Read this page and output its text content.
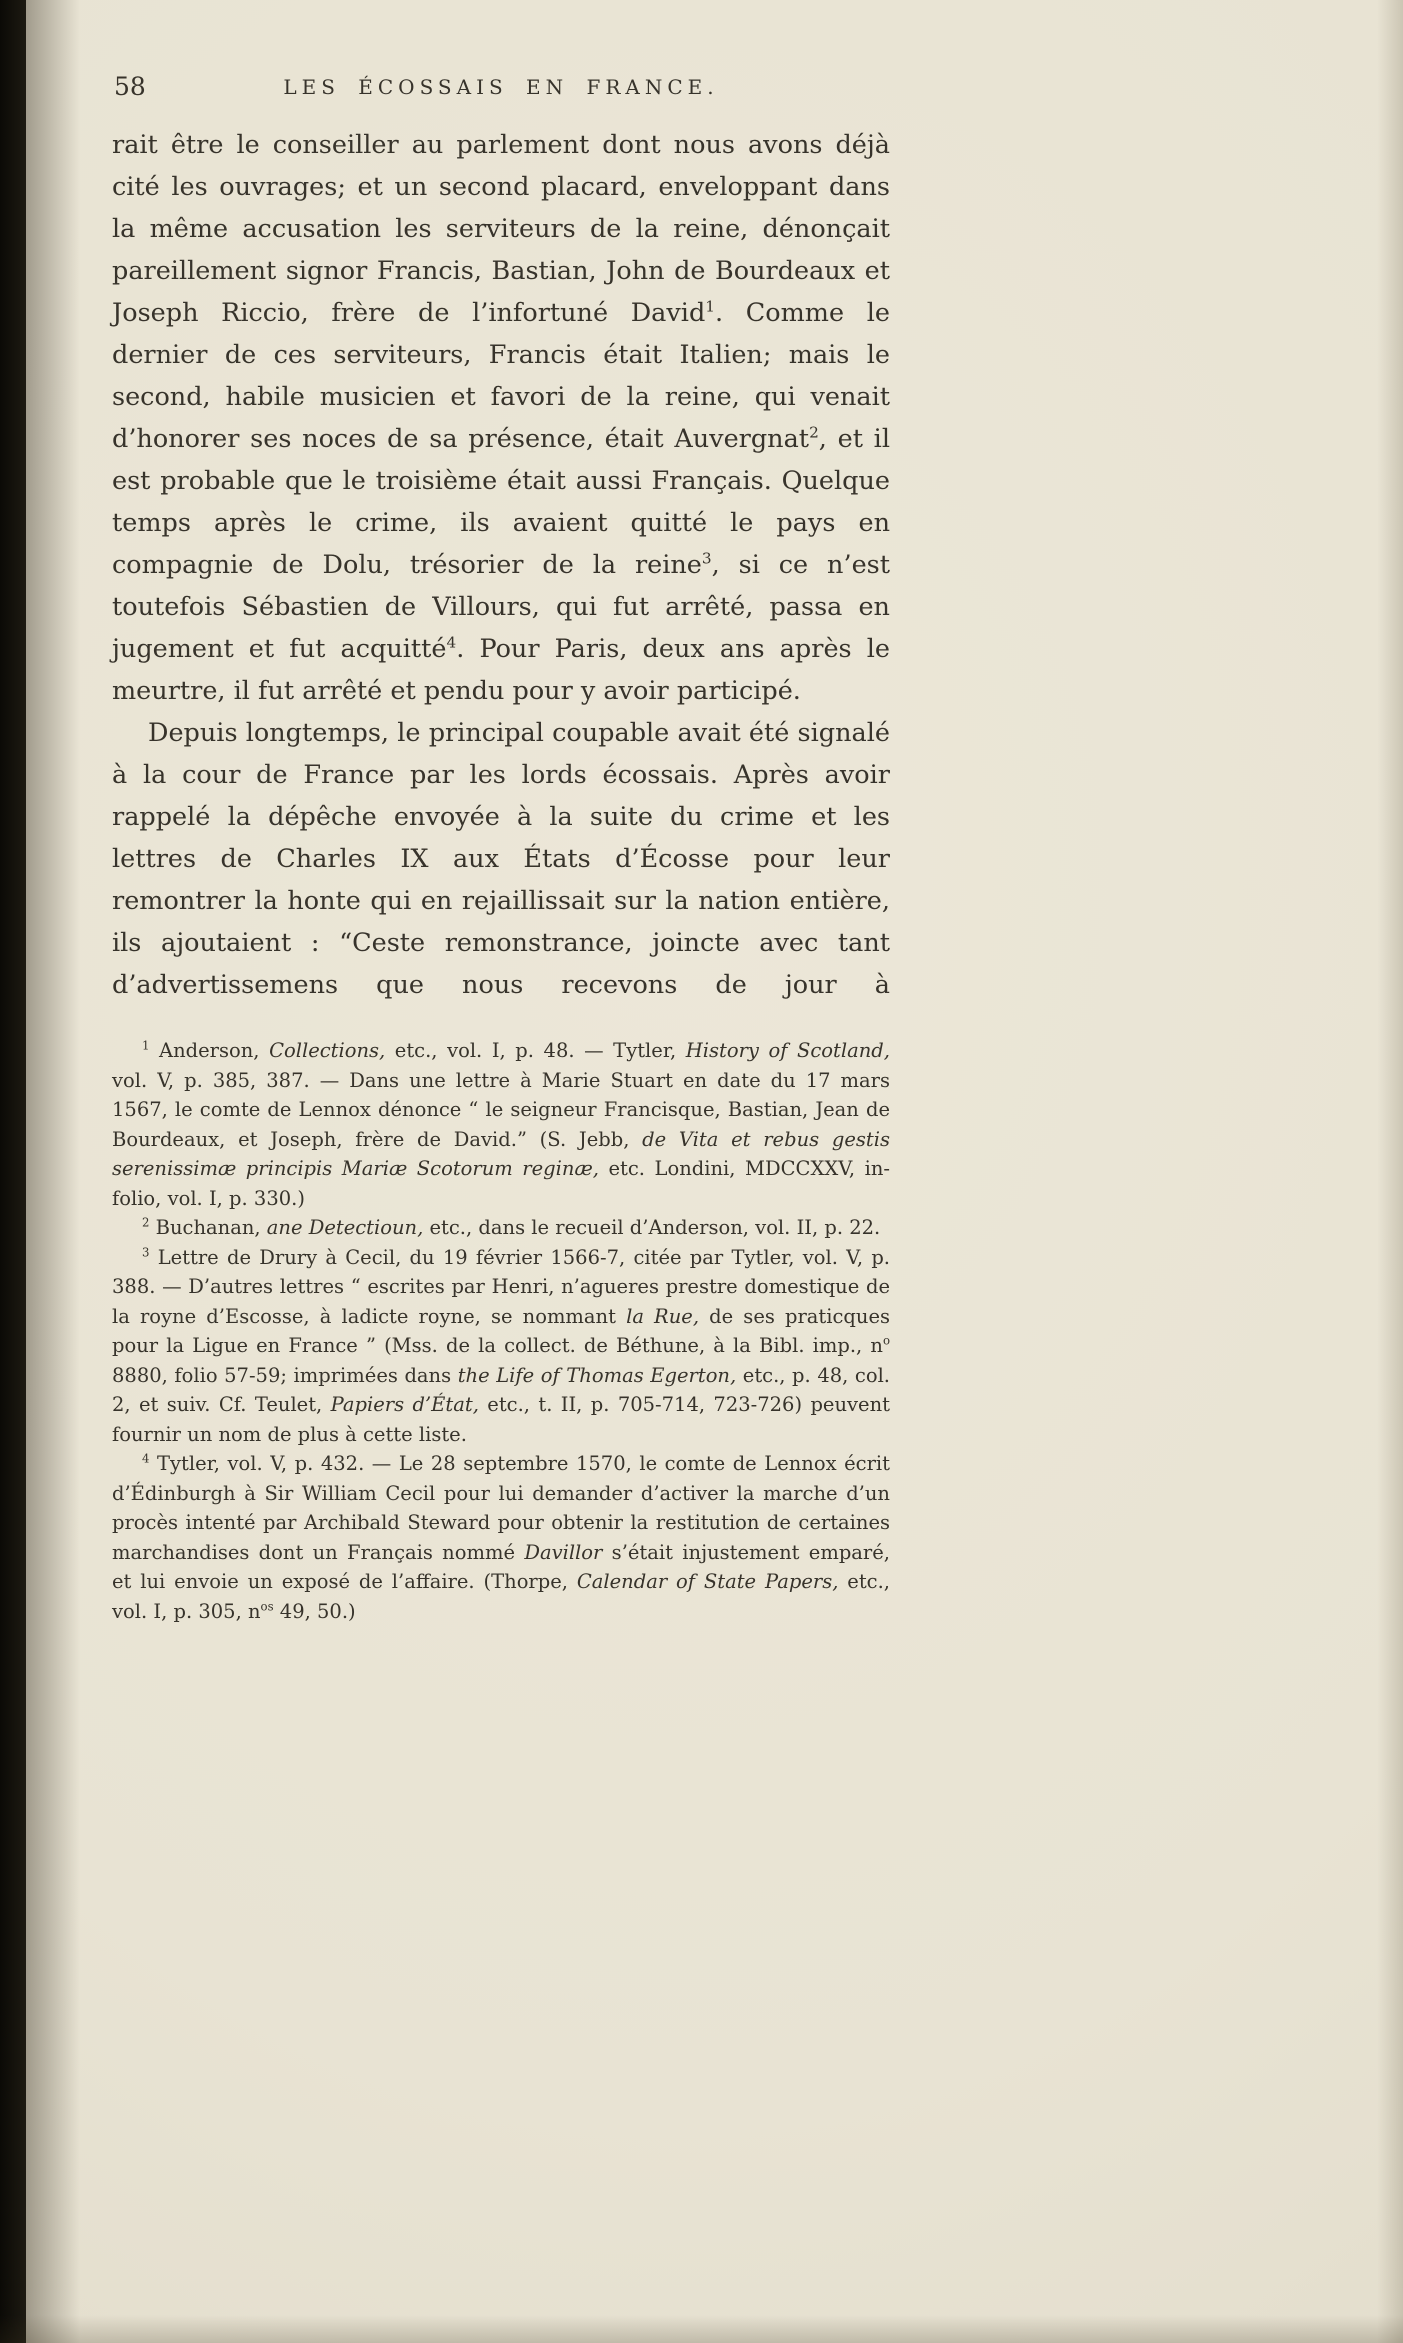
58	LES ÉCOSSAIS EN FRANCE.

rait être le conseiller au parlement dont nous avons déjà cité les ouvrages; et un second placard, enveloppant dans la même accusation les serviteurs de la reine, dénonçait pareillement signor Francis, Bastian, John de Bourdeaux et Joseph Riccio, frère de l’infortuné David$^1$. Comme le dernier de ces serviteurs, Francis était Italien; mais le second, habile musicien et favori de la reine, qui venait d’honorer ses noces de sa présence, était Auvergnat$^2$, et il est probable que le troisième était aussi Français. Quelque temps après le crime, ils avaient quitté le pays en compagnie de Dolu, trésorier de la reine$^3$, si ce n’est toutefois Sébastien de Villours, qui fut arrêté, passa en jugement et fut acquitté$^4$. Pour Paris, deux ans après le meurtre, il fut arrêté et pendu pour y avoir participé.

Depuis longtemps, le principal coupable avait été signalé à la cour de France par les lords écossais. Après avoir rappelé la dépêche envoyée à la suite du crime et les lettres de Charles IX aux États d’Écosse pour leur remontrer la honte qui en rejaillissait sur la nation entière, ils ajoutaient : “Ceste remonstrance, joincte avec tant d’advertissemens que nous recevons de jour à

$^1$ Anderson, Collections, etc., vol. I, p. 48. — Tytler, History of Scotland, vol. V, p. 385, 387. — Dans une lettre à Marie Stuart en date du 17 mars 1567, le comte de Lennox dénonce “ le seigneur Francisque, Bastian, Jean de Bourdeaux, et Joseph, frère de David.” (S. Jebb, de Vita et rebus gestis serenissimæ principis Mariæ Scotorum reginæ, etc. Londini, MDCCXXV, in-folio, vol. I, p. 330.)

$^2$ Buchanan, ane Detectioun, etc., dans le recueil d’Anderson, vol. II, p. 22.

$^3$ Lettre de Drury à Cecil, du 19 février 1566-7, citée par Tytler, vol. V, p. 388. — D’autres lettres “ escrites par Henri, n’agueres prestre domestique de la royne d’Escosse, à ladicte royne, se nommant la Rue, de ses praticques pour la Ligue en France ” (Mss. de la collect. de Béthune, à la Bibl. imp., $n^o$ 8880, folio 57-59; imprimées dans the Life of Thomas Egerton, etc., p. 48, col. 2, et suiv. Cf. Teulet, Papiers d’État, etc., t. II, p. 705-714, 723-726) peuvent fournir un nom de plus à cette liste.

$^4$ Tytler, vol. V, p. 432. — Le 28 septembre 1570, le comte de Lennox écrit d’Édinburgh à Sir William Cecil pour lui demander d’activer la marche d’un procès intenté par Archibald Steward pour obtenir la restitution de certaines marchandises dont un Français nommé Davillor s’était injustement emparé, et lui envoie un exposé de l’affaire. (Thorpe, Calendar of State Papers, etc., vol. I, p. 305, $n^{os}$ 49, 50.)
